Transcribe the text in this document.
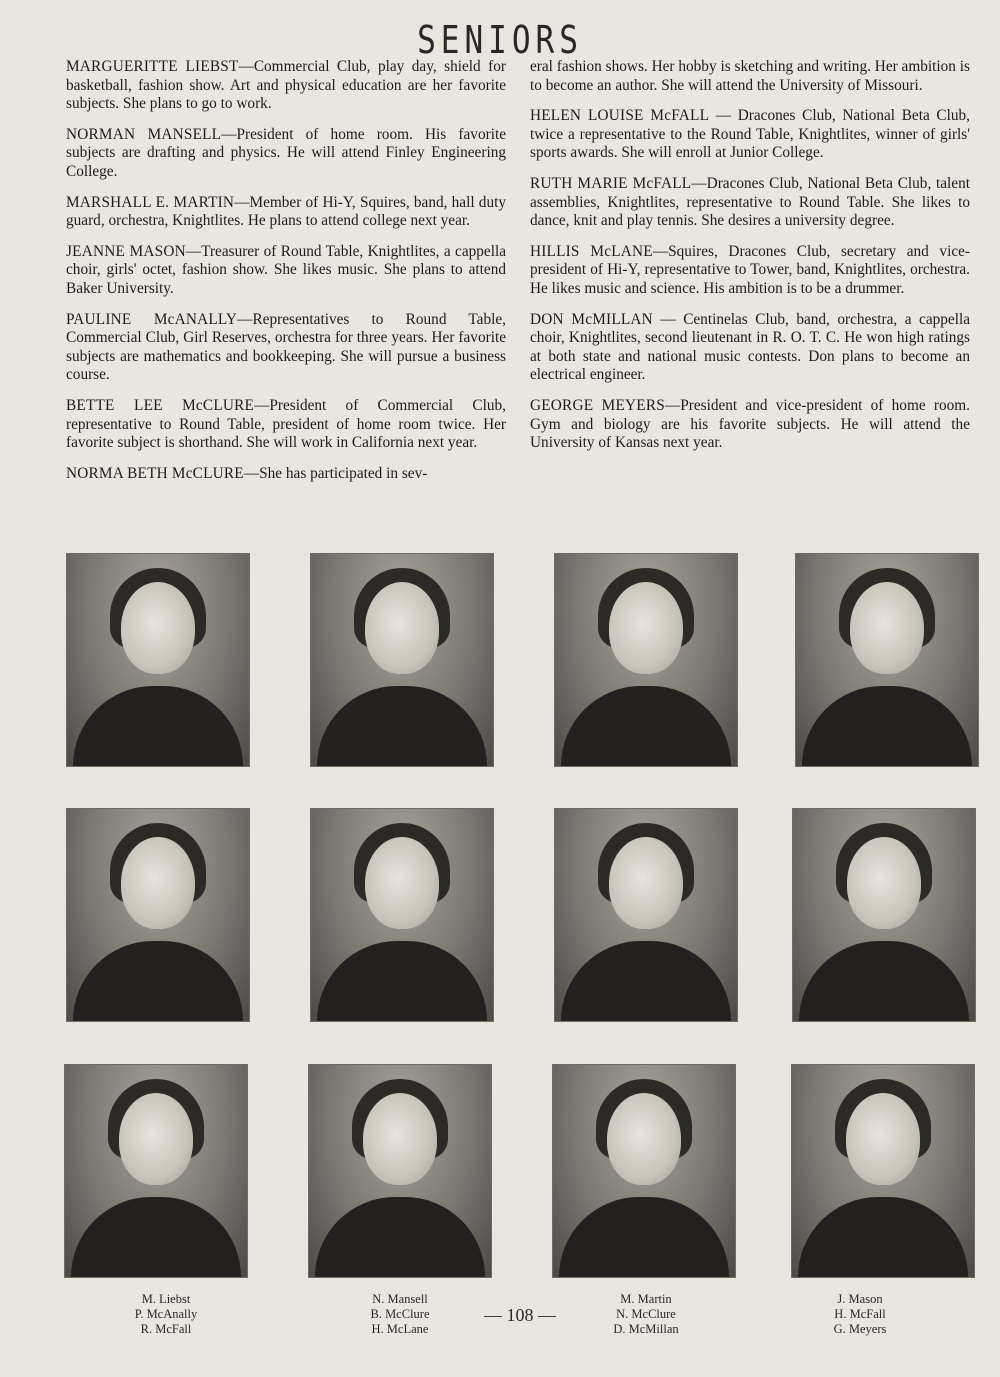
SENIORS

MARGUERITTE LIEBST—Commercial Club, play day, shield for basketball, fashion show. Art and physical education are her favorite subjects. She plans to go to work.

NORMAN MANSELL—President of home room. His favorite subjects are drafting and physics. He will attend Finley Engineering College.

MARSHALL E. MARTIN—Member of Hi-Y, Squires, band, hall duty guard, orchestra, Knightlites. He plans to attend college next year.

JEANNE MASON—Treasurer of Round Table, Knightlites, a cappella choir, girls' octet, fashion show. She likes music. She plans to attend Baker University.

PAULINE McANALLY—Representatives to Round Table, Commercial Club, Girl Reserves, orchestra for three years. Her favorite subjects are mathematics and bookkeeping. She will pursue a business course.

BETTE LEE McCLURE—President of Commercial Club, representative to Round Table, president of home room twice. Her favorite subject is shorthand. She will work in California next year.

NORMA BETH McCLURE—She has participated in sev-

eral fashion shows. Her hobby is sketching and writing. Her ambition is to become an author. She will attend the University of Missouri.

HELEN LOUISE McFALL — Dracones Club, National Beta Club, twice a representative to the Round Table, Knightlites, winner of girls' sports awards. She will enroll at Junior College.

RUTH MARIE McFALL—Dracones Club, National Beta Club, talent assemblies, Knightlites, representative to Round Table. She likes to dance, knit and play tennis. She desires a university degree.

HILLIS McLANE—Squires, Dracones Club, secretary and vice-president of Hi-Y, representative to Tower, band, Knightlites, orchestra. He likes music and science. His ambition is to be a drummer.

DON McMILLAN — Centinelas Club, band, orchestra, a cappella choir, Knightlites, second lieutenant in R. O. T. C. He won high ratings at both state and national music contests. Don plans to become an electrical engineer.

GEORGE MEYERS—President and vice-president of home room. Gym and biology are his favorite subjects. He will attend the University of Kansas next year.

M. Liebst
P. McAnally
R. McFall
N. Mansell
B. McClure
H. McLane
— 108 —
M. Martin
N. McClure
D. McMillan
J. Mason
H. McFall
G. Meyers
